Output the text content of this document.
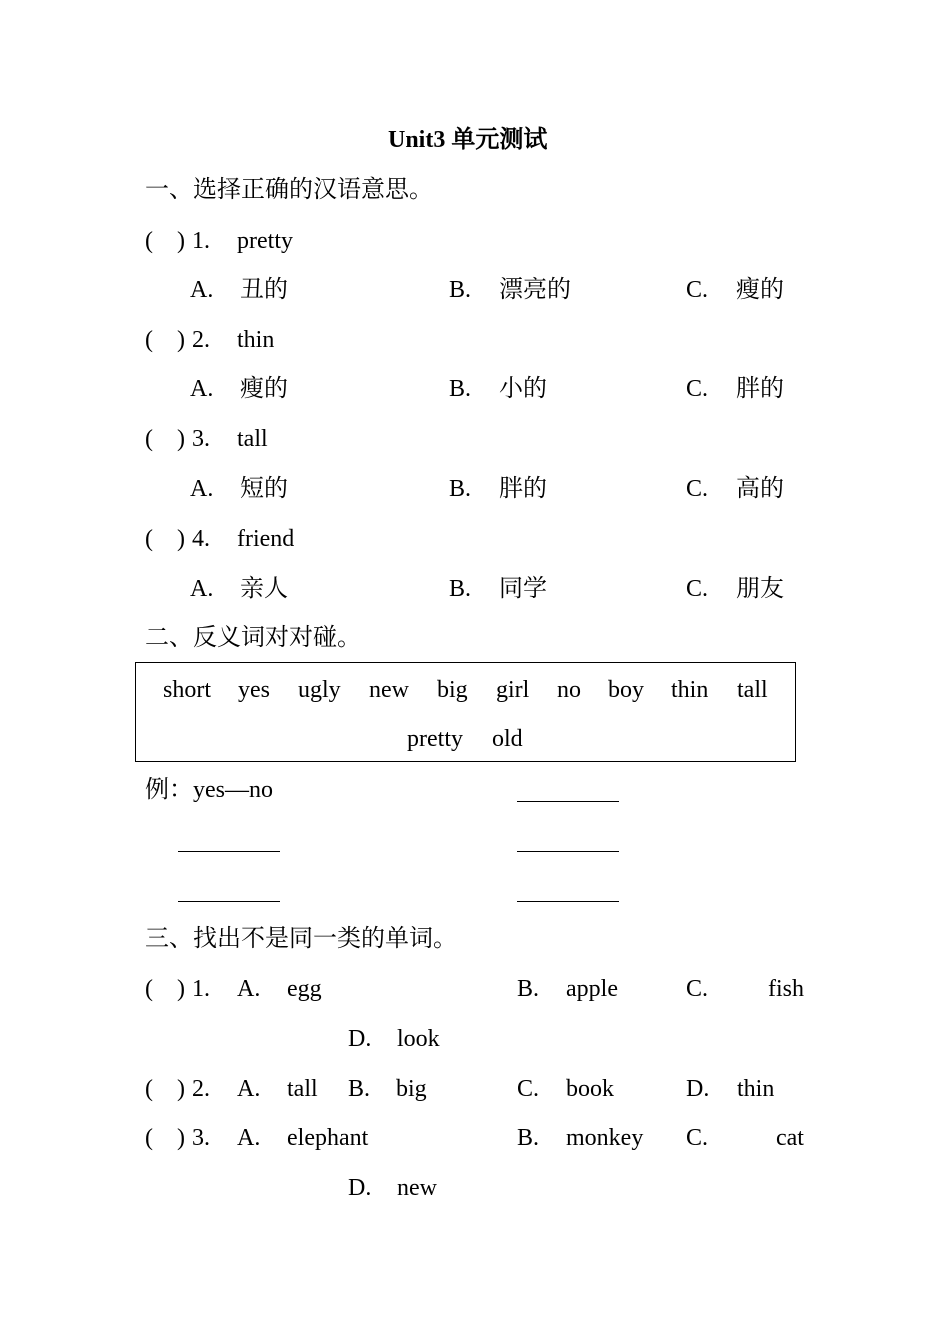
Unit3 单元测试
一、选择正确的汉语意思。
( ) 1. pretty
A. 丑的	B. 漂亮的	C. 瘦的
( ) 2. thin
A. 瘦的	B. 小的	C. 胖的
( ) 3. tall
A. 短的	B. 胖的	C. 高的
( ) 4. friend
A. 亲人	B. 同学	C. 朋友
二、反义词对对碰。
short yes ugly new big girl no boy thin tall
pretty old
例：yes—no
三、找出不是同一类的单词。
( ) 1. A. egg	B. apple	C. fish
D. look
( ) 2. A. tall B. big	C. book	D. thin
( ) 3. A. elephant	B. monkey C.	cat
D. new
